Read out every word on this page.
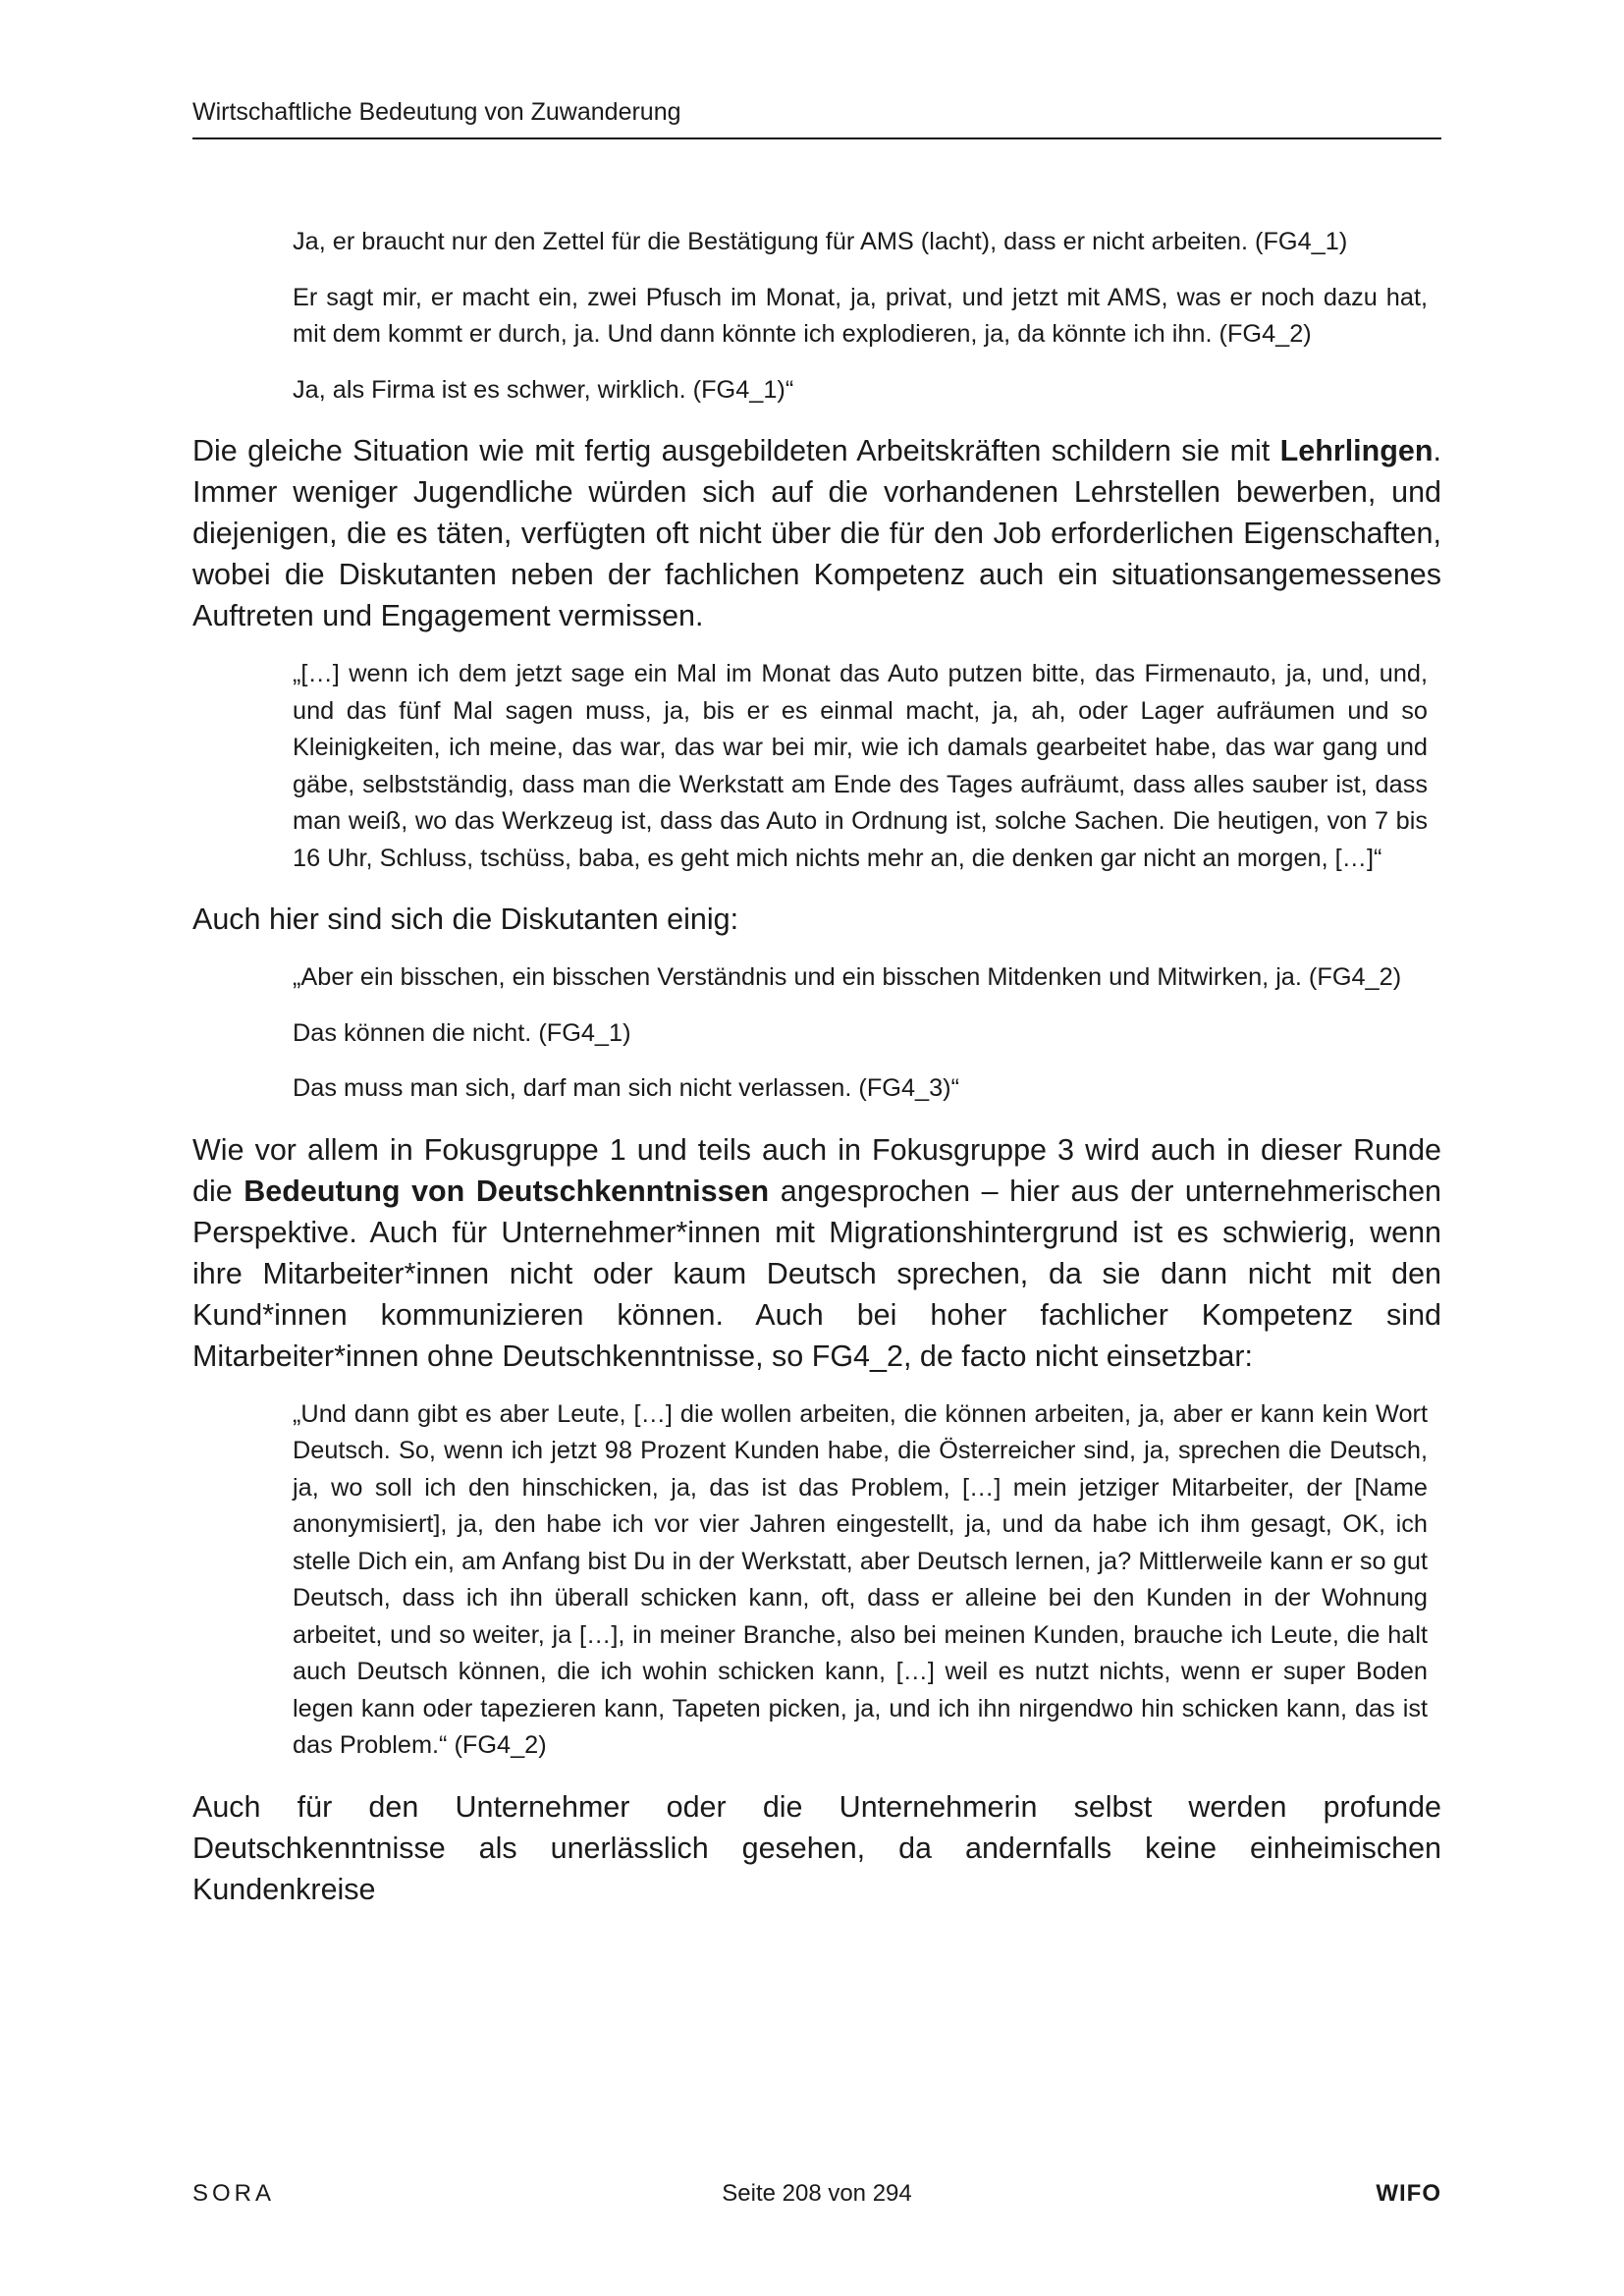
Wirtschaftliche Bedeutung von Zuwanderung

Ja, er braucht nur den Zettel für die Bestätigung für AMS (lacht), dass er nicht arbeiten. (FG4_1)

Er sagt mir, er macht ein, zwei Pfusch im Monat, ja, privat, und jetzt mit AMS, was er noch dazu hat, mit dem kommt er durch, ja. Und dann könnte ich explodieren, ja, da könnte ich ihn. (FG4_2)

Ja, als Firma ist es schwer, wirklich. (FG4_1)“

Die gleiche Situation wie mit fertig ausgebildeten Arbeitskräften schildern sie mit Lehrlingen. Immer weniger Jugendliche würden sich auf die vorhandenen Lehrstellen bewerben, und diejenigen, die es täten, verfügten oft nicht über die für den Job erforderlichen Eigenschaften, wobei die Diskutanten neben der fachlichen Kompetenz auch ein situationsangemessenes Auftreten und Engagement vermissen.

„[…] wenn ich dem jetzt sage ein Mal im Monat das Auto putzen bitte, das Firmenauto, ja, und, und, und das fünf Mal sagen muss, ja, bis er es einmal macht, ja, ah, oder Lager aufräumen und so Kleinigkeiten, ich meine, das war, das war bei mir, wie ich damals gearbeitet habe, das war gang und gäbe, selbstständig, dass man die Werkstatt am Ende des Tages aufräumt, dass alles sauber ist, dass man weiß, wo das Werkzeug ist, dass das Auto in Ordnung ist, solche Sachen. Die heutigen, von 7 bis 16 Uhr, Schluss, tschüss, baba, es geht mich nichts mehr an, die denken gar nicht an morgen, […]“

Auch hier sind sich die Diskutanten einig:

„Aber ein bisschen, ein bisschen Verständnis und ein bisschen Mitdenken und Mitwirken, ja. (FG4_2)

Das können die nicht. (FG4_1)

Das muss man sich, darf man sich nicht verlassen. (FG4_3)“

Wie vor allem in Fokusgruppe 1 und teils auch in Fokusgruppe 3 wird auch in dieser Runde die Bedeutung von Deutschkenntnissen angesprochen – hier aus der unternehmerischen Perspektive. Auch für Unternehmer*innen mit Migrationshintergrund ist es schwierig, wenn ihre Mitarbeiter*innen nicht oder kaum Deutsch sprechen, da sie dann nicht mit den Kund*innen kommunizieren können. Auch bei hoher fachlicher Kompetenz sind Mitarbeiter*innen ohne Deutschkenntnisse, so FG4_2, de facto nicht einsetzbar:

„Und dann gibt es aber Leute, […] die wollen arbeiten, die können arbeiten, ja, aber er kann kein Wort Deutsch. So, wenn ich jetzt 98 Prozent Kunden habe, die Österreicher sind, ja, sprechen die Deutsch, ja, wo soll ich den hinschicken, ja, das ist das Problem, […] mein jetziger Mitarbeiter, der [Name anonymisiert], ja, den habe ich vor vier Jahren eingestellt, ja, und da habe ich ihm gesagt, OK, ich stelle Dich ein, am Anfang bist Du in der Werkstatt, aber Deutsch lernen, ja? Mittlerweile kann er so gut Deutsch, dass ich ihn überall schicken kann, oft, dass er alleine bei den Kunden in der Wohnung arbeitet, und so weiter, ja […], in meiner Branche, also bei meinen Kunden, brauche ich Leute, die halt auch Deutsch können, die ich wohin schicken kann, […] weil es nutzt nichts, wenn er super Boden legen kann oder tapezieren kann, Tapeten picken, ja, und ich ihn nirgendwo hin schicken kann, das ist das Problem.“ (FG4_2)

Auch für den Unternehmer oder die Unternehmerin selbst werden profunde Deutschkenntnisse als unerlässlich gesehen, da andernfalls keine einheimischen Kundenkreise

SORA	Seite 208 von 294	WIFO
